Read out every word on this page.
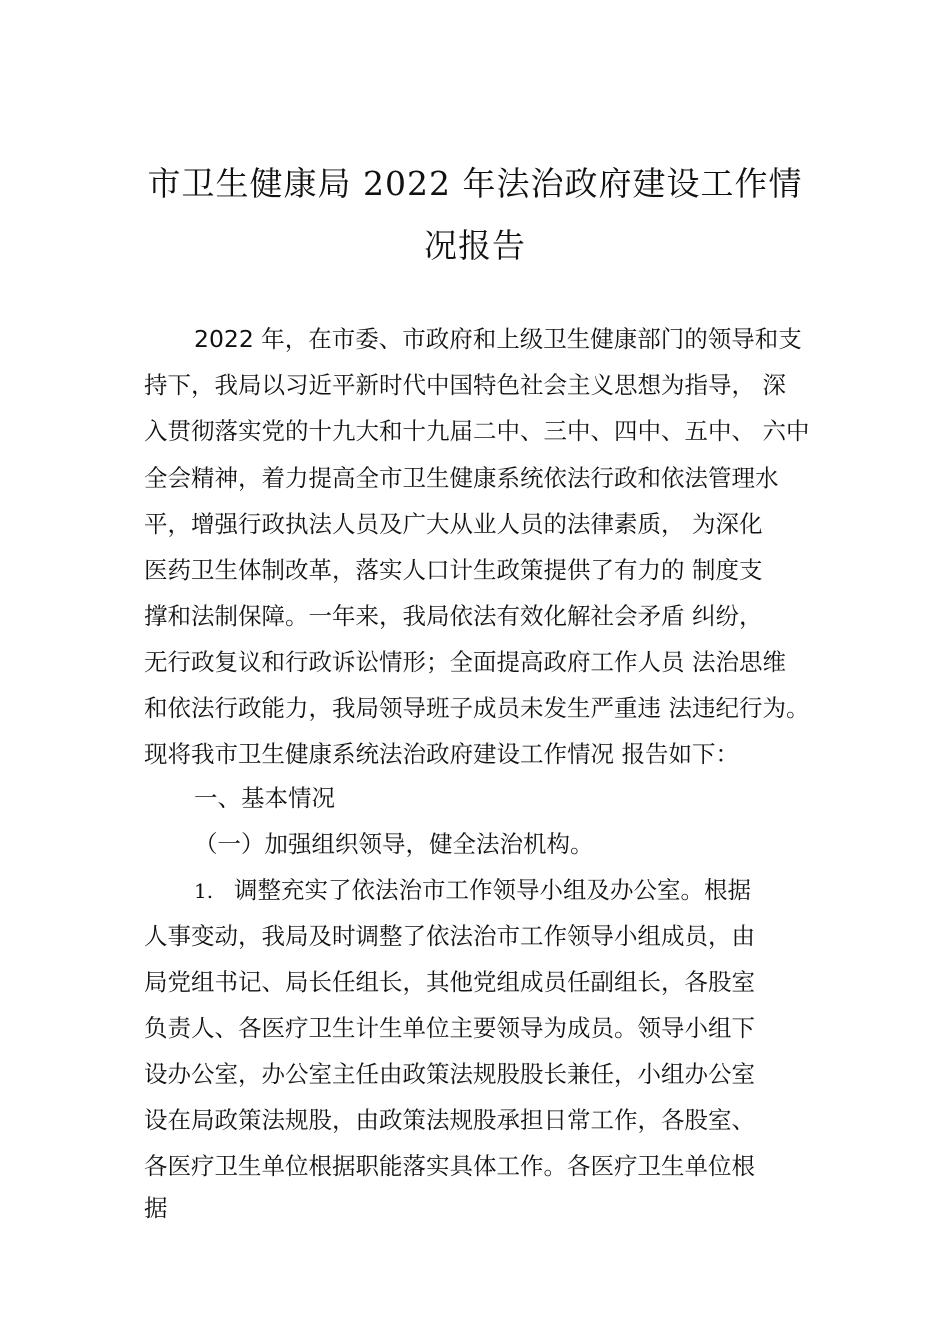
市卫生健康局 2022 年法治政府建设工作情
况报告
2022 年，在市委、市政府和上级卫生健康部门的领导和支
持下，我局以习近平新时代中国特色社会主义思想为指导， 深
入贯彻落实党的十九大和十九届二中、三中、四中、五中、 六中
全会精神，着力提高全市卫生健康系统依法行政和依法管理水
平，增强行政执法人员及广大从业人员的法律素质， 为深化
医药卫生体制改革，落实人口计生政策提供了有力的 制度支
撑和法制保障。一年来，我局依法有效化解社会矛盾 纠纷，
无行政复议和行政诉讼情形；全面提高政府工作人员 法治思维
和依法行政能力，我局领导班子成员未发生严重违 法违纪行为。
现将我市卫生健康系统法治政府建设工作情况 报告如下：
一、基本情况
（一）加强组织领导，健全法治机构。
1. 调整充实了依法治市工作领导小组及办公室。根据
人事变动，我局及时调整了依法治市工作领导小组成员，由
局党组书记、局长任组长，其他党组成员任副组长，各股室
负责人、各医疗卫生计生单位主要领导为成员。领导小组下
设办公室，办公室主任由政策法规股股长兼任，小组办公室
设在局政策法规股，由政策法规股承担日常工作，各股室、
各医疗卫生单位根据职能落实具体工作。各医疗卫生单位根
据
